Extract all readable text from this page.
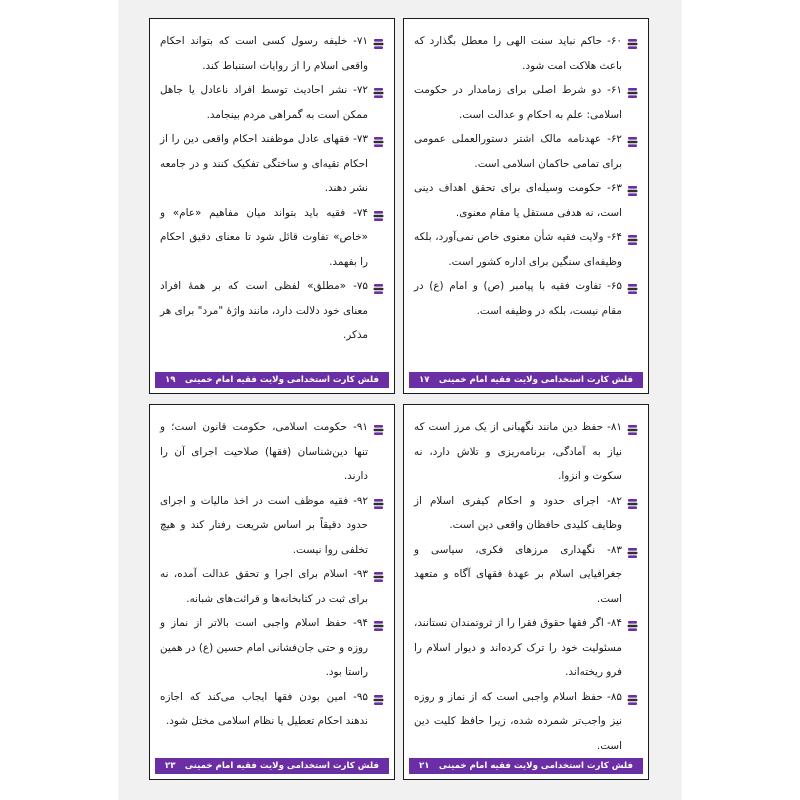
۶۰- حاکم نباید سنت الهی را معطل بگذارد که باعث هلاکت امت شود.
۶۱- دو شرط اصلی برای زمامدار در حکومت اسلامی: علم به احکام و عدالت است.
۶۲- عهدنامه مالک اشتر دستورالعملی عمومی برای تمامی حاکمان اسلامی است.
۶۳- حکومت وسیله‌ای برای تحقق اهداف دینی است، نه هدفی مستقل یا مقام معنوی.
۶۴- ولایت فقیه شأن معنوی خاص نمی‌آورد، بلکه وظیفه‌ای سنگین برای اداره کشور است.
۶۵- تفاوت فقیه با پیامبر (ص) و امام (ع) در مقام نیست، بلکه در وظیفه است.
فلش کارت استخدامی ولایت فقیه امام خمینی
۱۷
۷۱- خلیفه رسول کسی است که بتواند احکام واقعی اسلام را از روایات استنباط کند.
۷۲- نشر احادیث توسط افراد ناعادل یا جاهل ممکن است به گمراهی مردم بینجامد.
۷۳- فقهای عادل موظفند احکام واقعی دین را از احکام تقیه‌ای و ساختگی تفکیک کنند و در جامعه نشر دهند.
۷۴- فقیه باید بتواند میان مفاهیم «عام» و «خاص» تفاوت قائل شود تا معنای دقیق احکام را بفهمد.
۷۵- «مطلق» لفظی است که بر همهٔ افراد معنای خود دلالت دارد، مانند واژهٔ "مرد" برای هر مذکر.
فلش کارت استخدامی ولایت فقیه امام خمینی
۱۹
۸۱- حفظ دین مانند نگهبانی از یک مرز است که نیاز به آمادگی، برنامه‌ریزی و تلاش دارد، نه سکوت و انزوا.
۸۲- اجرای حدود و احکام کیفری اسلام از وظایف کلیدی حافظان واقعی دین است.
۸۳- نگهداری مرزهای فکری، سیاسی و جغرافیایی اسلام بر عهدهٔ فقهای آگاه و متعهد است.
۸۴- اگر فقها حقوق فقرا را از ثروتمندان نستانند، مسئولیت خود را ترک کرده‌اند و دیوار اسلام را فرو ریخته‌اند.
۸۵- حفظ اسلام واجبی است که از نماز و روزه نیز واجب‌تر شمرده شده، زیرا حافظ کلیت دین است.
فلش کارت استخدامی ولایت فقیه امام خمینی
۲۱
۹۱- حکومت اسلامی، حکومت قانون است؛ و تنها دین‌شناسان (فقها) صلاحیت اجرای آن را دارند.
۹۲- فقیه موظف است در اخذ مالیات و اجرای حدود دقیقاً بر اساس شریعت رفتار کند و هیچ تخلفی روا نیست.
۹۳- اسلام برای اجرا و تحقق عدالت آمده، نه برای ثبت در کتابخانه‌ها و قرائت‌های شبانه.
۹۴- حفظ اسلام واجبی است بالاتر از نماز و روزه و حتی جان‌فشانی امام حسین (ع) در همین راستا بود.
۹۵- امین بودن فقها ایجاب می‌کند که اجازه ندهند احکام تعطیل یا نظام اسلامی مختل شود.
فلش کارت استخدامی ولایت فقیه امام خمینی
۲۳
